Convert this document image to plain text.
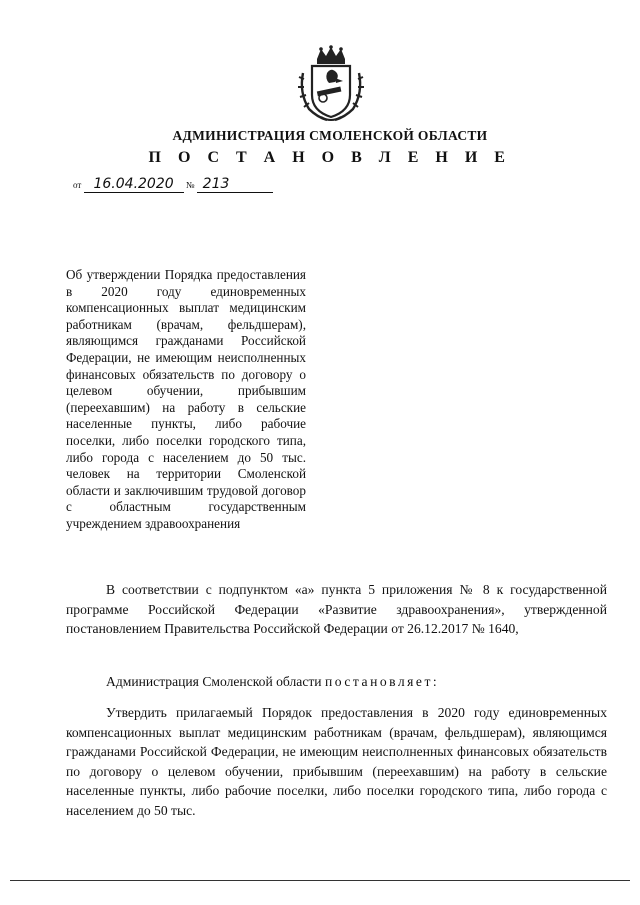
АДМИНИСТРАЦИЯ СМОЛЕНСКОЙ ОБЛАСТИ
П О С Т А Н О В Л Е Н И Е
от 16.04.2020 № 213
Об утверждении Порядка предоставления в 2020 году единовременных компенсационных выплат медицинским работникам (врачам, фельдшерам), являющимся гражданами Российской Федерации, не имеющим неисполненных финансовых обязательств по договору о целевом обучении, прибывшим (переехавшим) на работу в сельские населенные пункты, либо рабочие поселки, либо поселки городского типа, либо города с населением до 50 тыс. человек на территории Смоленской области и заключившим трудовой договор с областным государственным учреждением здравоохранения
В соответствии с подпунктом «а» пункта 5 приложения № 8 к государственной программе Российской Федерации «Развитие здравоохранения», утвержденной постановлением Правительства Российской Федерации от 26.12.2017 № 1640,
Администрация Смоленской области постановляет:
Утвердить прилагаемый Порядок предоставления в 2020 году единовременных компенсационных выплат медицинским работникам (врачам, фельдшерам), являющимся гражданами Российской Федерации, не имеющим неисполненных финансовых обязательств по договору о целевом обучении, прибывшим (переехавшим) на работу в сельские населенные пункты, либо рабочие поселки, либо поселки городского типа, либо города с населением до 50 тыс.
